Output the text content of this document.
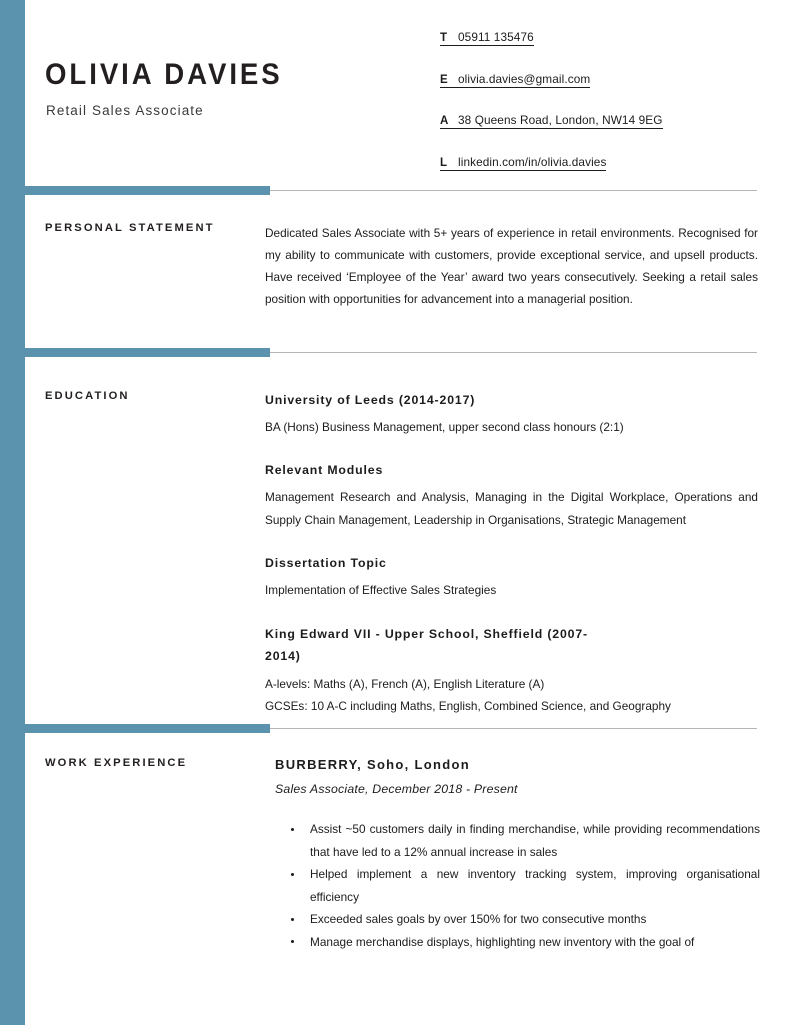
OLIVIA DAVIES
Retail Sales Associate
T
05911 135476
E
olivia.davies@gmail.com
A
38 Queens Road, London, NW14 9EG
L
linkedin.com/in/olivia.davies
PERSONAL STATEMENT	Dedicated Sales Associate with 5+ years of experience in retail environments. Recognised for my ability to communicate with customers, provide exceptional service, and upsell products. Have received ‘Employee of the Year’ award two years consecutively. Seeking a retail sales position with opportunities for advancement into a managerial position.

EDUCATION	University of Leeds (2014-2017)

BA (Hons) Business Management, upper second class honours (2:1)

Relevant Modules

Management Research and Analysis, Managing in the Digital Workplace, Operations and Supply Chain Management, Leadership in Organisations, Strategic Management

Dissertation Topic

Implementation of Effective Sales Strategies

King Edward VII - Upper School, Sheffield (2007-2014)

A-levels: Maths (A), French (A), English Literature (A)

GCSEs: 10 A-C including Maths, English, Combined Science, and Geography

WORK EXPERIENCE	BURBERRY, Soho, London

Sales Associate, December 2018 - Present

Assist ~50 customers daily in finding merchandise, while providing recommendations that have led to a 12% annual increase in sales
Helped implement a new inventory tracking system, improving organisational efficiency
Exceeded sales goals by over 150% for two consecutive months
Manage merchandise displays, highlighting new inventory with the goal of
